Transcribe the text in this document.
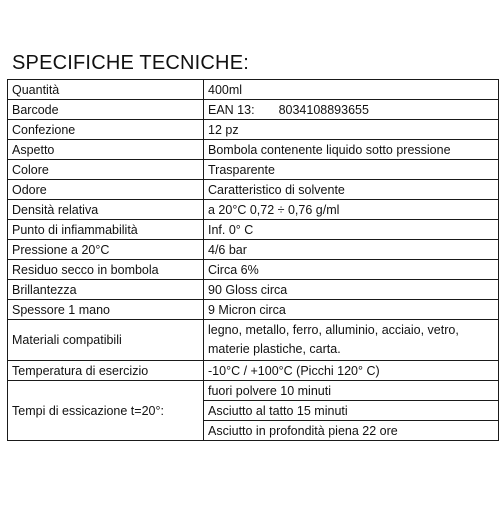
SPECIFICHE TECNICHE:
Quantità	400ml
Barcode	EAN 13: 8034108893655
Confezione	12 pz
Aspetto	Bombola contenente liquido sotto pressione
Colore	Trasparente
Odore	Caratteristico di solvente
Densità relativa	a 20°C 0,72 ÷ 0,76 g/ml
Punto di infiammabilità	Inf. 0° C
Pressione a 20°C	4/6 bar
Residuo secco in bombola	Circa 6%
Brillantezza	90 Gloss circa
Spessore 1 mano	9 Micron circa
Materiali compatibili	legno, metallo, ferro, alluminio, acciaio, vetro, materie plastiche, carta.
Temperatura di esercizio	-10°C / +100°C (Picchi 120° C)
Tempi di essicazione t=20°:	fuori polvere 10 minuti
	Asciutto al tatto 15 minuti
	Asciutto in profondità piena 22 ore
